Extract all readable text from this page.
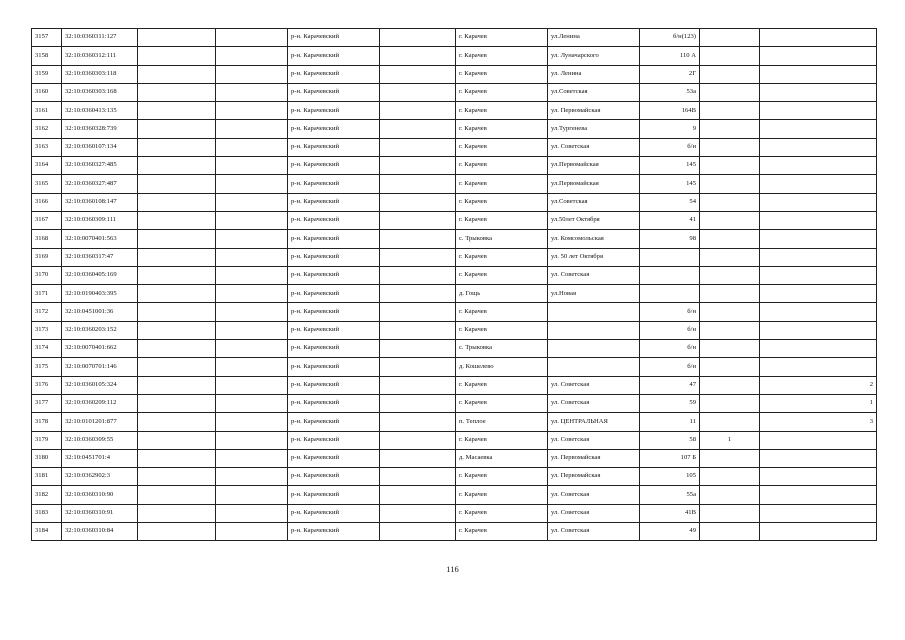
3157	32:10:0360311:127			р-н. Карачевский		г. Карачев	ул.Ленина	б/н(123)		
3158	32:10:0360312:111			р-н. Карачевский		г. Карачев	ул. Луначарского	110 А		
3159	32:10:0360303:118			р-н. Карачевский		г. Карачев	ул. Ленина	2Г		
3160	32:10:0360303:168			р-н. Карачевский		г. Карачев	ул.Советская	53а		
3161	32:10:0360413:135			р-н. Карачевский		г. Карачев	ул. Первомайская	164В		
3162	32:10:0360328:739			р-н. Карачевский		г. Карачев	ул.Тургенева	9		
3163	32:10:0360107:134			р-н. Карачевский		г. Карачев	ул. Советская	б/н		
3164	32:10:0360327:485			р-н. Карачевский		г. Карачев	ул.Первомайская	145		
3165	32:10:0360327:487			р-н. Карачевский		г. Карачев	ул.Первомайская	145		
3166	32:10:0360108:147			р-н. Карачевский		г. Карачев	ул.Советская	54		
3167	32:10:0360309:111			р-н. Карачевский		г. Карачев	ул.50лет Октября	41		
3168	32:10:0070401:563			р-н. Карачевский		с. Трыковка	ул. Комсомольская	98		
3169	32:10:0360317:47			р-н. Карачевский		г. Карачев	ул. 50 лет Октября			
3170	32:10:0360405:169			р-н. Карачевский		г. Карачев	ул. Советская			
3171	32:10:0190403:395			р-н. Карачевский		д. Гощь	ул.Новая			
3172	32:10:0451001:36			р-н. Карачевский		г. Карачев		б/н		
3173	32:10:0360203:152			р-н. Карачевский		г. Карачев		б/н		
3174	32:10:0070401:662			р-н. Карачевский		с. Трыковка		б/н		
3175	32:10:0070701:146			р-н. Карачевский		д. Кошелево		б/н		
3176	32:10:0360105:324			р-н. Карачевский		г. Карачев	ул. Советская	47		2
3177	32:10:0360209:112			р-н. Карачевский		г. Карачев	ул. Советская	59		1
3178	32:10:0101201:877			р-н. Карачевский		п. Теплое	ул. ЦЕНТРАЛЬНАЯ	11		3
3179	32:10:0360309:55			р-н. Карачевский		г. Карачев	ул. Советская	58	1	
3180	32:10:0451701:4			р-н. Карачевский		д. Масаевка	ул. Первомайская	107 Б		
3181	32:10:0362902:3			р-н. Карачевский		г. Карачев	ул. Первомайская	105		
3182	32:10:0360310:90			р-н. Карачевский		г. Карачев	ул. Советская	55а		
3183	32:10:0360310:91			р-н. Карачевский		г. Карачев	ул. Советская	41В		
3184	32:10:0360310:84			р-н. Карачевский		г. Карачев	ул. Советская	49		
116
